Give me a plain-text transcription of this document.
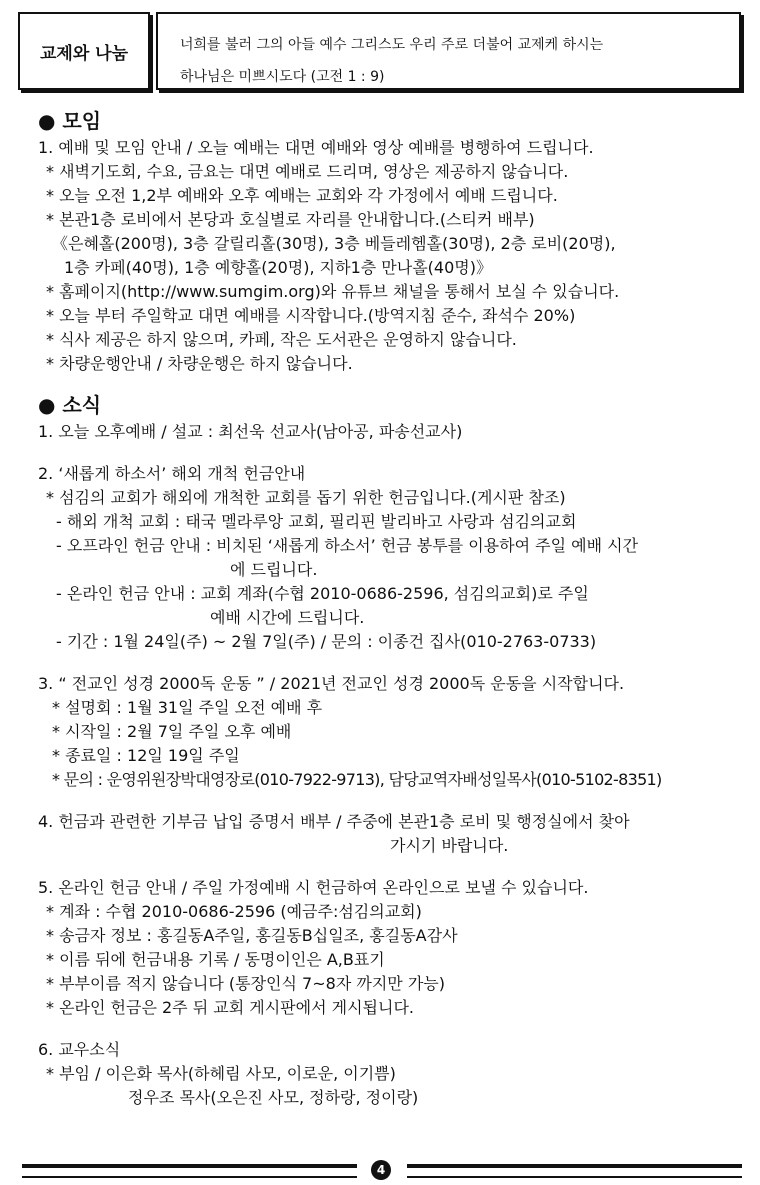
교제와 나눔	너희를 불러 그의 아들 예수 그리스도 우리 주로 더불어 교제케 하시는
하나님은 미쁘시도다 (고전 1 : 9)
● 모임
1. 예배 및 모임 안내 / 오늘 예배는 대면 예배와 영상 예배를 병행하여 드립니다.
* 새벽기도회, 수요, 금요는 대면 예배로 드리며, 영상은 제공하지 않습니다.
* 오늘 오전 1,2부 예배와 오후 예배는 교회와 각 가정에서 예배 드립니다.
* 본관1층 로비에서 본당과 호실별로 자리를 안내합니다.(스티커 배부)
《은혜홀(200명), 3층 갈릴리홀(30명), 3층 베들레헴홀(30명), 2층 로비(20명),
1층 카페(40명), 1층 예향홀(20명), 지하1층 만나홀(40명)》
* 홈페이지(http://www.sumgim.org)와 유튜브 채널을 통해서 보실 수 있습니다.
* 오늘 부터 주일학교 대면 예배를 시작합니다.(방역지침 준수, 좌석수 20%)
* 식사 제공은 하지 않으며, 카페, 작은 도서관은 운영하지 않습니다.
* 차량운행안내 / 차량운행은 하지 않습니다.
● 소식
1. 오늘 오후예배 / 설교 : 최선욱 선교사(남아공, 파송선교사)
2. ‘새롭게 하소서’ 해외 개척 헌금안내
* 섬김의 교회가 해외에 개척한 교회를 돕기 위한 헌금입니다.(게시판 참조)
- 해외 개척 교회 : 태국 멜라루앙 교회, 필리핀 발리바고 사랑과 섬김의교회
- 오프라인 헌금 안내 : 비치된 ‘새롭게 하소서’ 헌금 봉투를 이용하여 주일 예배 시간
에 드립니다.
- 온라인 헌금 안내 : 교회 계좌(수협 2010-0686-2596, 섬김의교회)로 주일
예배 시간에 드립니다.
- 기간 : 1월 24일(주) ~ 2월 7일(주) / 문의 : 이종건 집사(010-2763-0733)
3. “ 전교인 성경 2000독 운동 ” / 2021년 전교인 성경 2000독 운동을 시작합니다.
* 설명회 : 1월 31일 주일 오전 예배 후
* 시작일 : 2월 7일 주일 오후 예배
* 종료일 : 12일 19일 주일
* 문의 : 운영위원장박대영장로(010-7922-9713), 담당교역자배성일목사(010-5102-8351)
4. 헌금과 관련한 기부금 납입 증명서 배부 / 주중에 본관1층 로비 및 행정실에서 찾아
가시기 바랍니다.
5. 온라인 헌금 안내 / 주일 가정예배 시 헌금하여 온라인으로 보낼 수 있습니다.
* 계좌 : 수협 2010-0686-2596 (예금주:섬김의교회)
* 송금자 정보 : 홍길동A주일, 홍길동B십일조, 홍길동A감사
* 이름 뒤에 헌금내용 기록 / 동명이인은 A,B표기
* 부부이름 적지 않습니다 (통장인식 7~8자 까지만 가능)
* 온라인 헌금은 2주 뒤 교회 게시판에서 게시됩니다.
6. 교우소식
* 부임 / 이은화 목사(하헤림 사모, 이로운, 이기쁨)
정우조 목사(오은진 사모, 정하랑, 정이랑)
4
